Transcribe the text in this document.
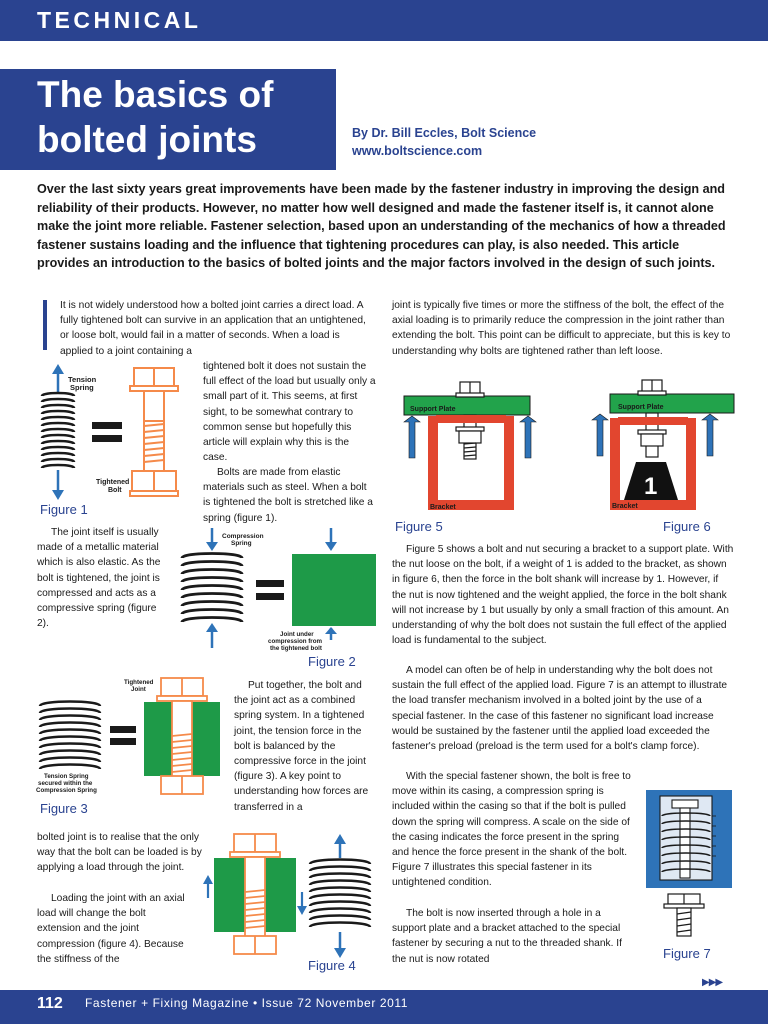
TECHNICAL
The basics of
bolted joints	By Dr. Bill Eccles, Bolt Science
www.boltscience.com
Over the last sixty years great improvements have been made by the fastener industry in improving the design and reliability of their products. However, no matter how well designed and made the fastener itself is, it cannot alone make the joint more reliable. Fastener selection, based upon an understanding of the mechanics of how a threaded fastener sustains loading and the influence that tightening procedures can play, is also needed. This article provides an introduction to the basics of bolted joints and the major factors involved in the design of such joints.
It is not widely understood how a bolted joint carries a direct load. A fully tightened bolt can survive in an application that an untightened, or loose bolt, would fail in a matter of seconds. When a load is applied to a joint containing a
tightened bolt it does not sustain the full effect of the load but usually only a small part of it. This seems, at first sight, to be somewhat contrary to common sense but hopefully this article will explain why this is the case.
Bolts are made from elastic materials such as steel. When a bolt is tightened the bolt is stretched like a spring (figure 1).
The joint itself is usually made of a metallic material which is also elastic. As the bolt is tightened, the joint is compressed and acts as a compressive spring (figure 2).
Put together, the bolt and the joint act as a combined spring system. In a tightened joint, the tension force in the bolt is balanced by the compressive force in the joint (figure 3). A key point to understanding how forces are transferred in a
bolted joint is to realise that the only way that the bolt can be loaded is by applying a load through the joint.
Loading the joint with an axial load will change the bolt extension and the joint compression (figure 4). Because the stiffness of the
joint is typically five times or more the stiffness of the bolt, the effect of the axial loading is to primarily reduce the compression in the joint rather than extending the bolt. This point can be difficult to appreciate, but this is key to understanding why bolts are tightened rather than left loose.
Figure 5 shows a bolt and nut securing a bracket to a support plate. With the nut loose on the bolt, if a weight of 1 is added to the bracket, as shown in figure 6, then the force in the bolt shank will increase by 1. However, if the nut is now tightened and the weight applied, the force in the bolt shank will not increase by 1 but usually by only a small fraction of this amount. An understanding of why the bolt does not sustain the full effect of the applied load is fundamental to the subject.
A model can often be of help in understanding why the bolt does not sustain the full effect of the applied load. Figure 7 is an attempt to illustrate the load transfer mechanism involved in a bolted joint by the use of a special fastener. In the case of this fastener no significant load increase would be sustained by the fastener until the applied load exceeded the fastener's preload (preload is the term used for a bolt's clamp force).
With the special fastener shown, the bolt is free to move within its casing, a compression spring is included within the casing so that if the bolt is pulled down the spring will compress. A scale on the side of the casing indicates the force present in the spring and hence the force present in the shank of the bolt. Figure 7 illustrates this special fastener in its untightened condition.
The bolt is now inserted through a hole in a support plate and a bracket attached to the special fastener by securing a nut to the threaded shank. If the nut is now rotated
Figure 1
Figure 2
Figure 3
Figure 4
Figure 5	Figure 6
Figure 7
Tension Spring
Tightened Bolt
Compression Spring
Joint under compression from the tightened bolt
Tension Spring secured within the Compression Spring
Tightened Joint
Support Plate
Bracket
Support Plate
1
Bracket
▶▶▶
112 Fastener + Fixing Magazine • Issue 72 November 2011
